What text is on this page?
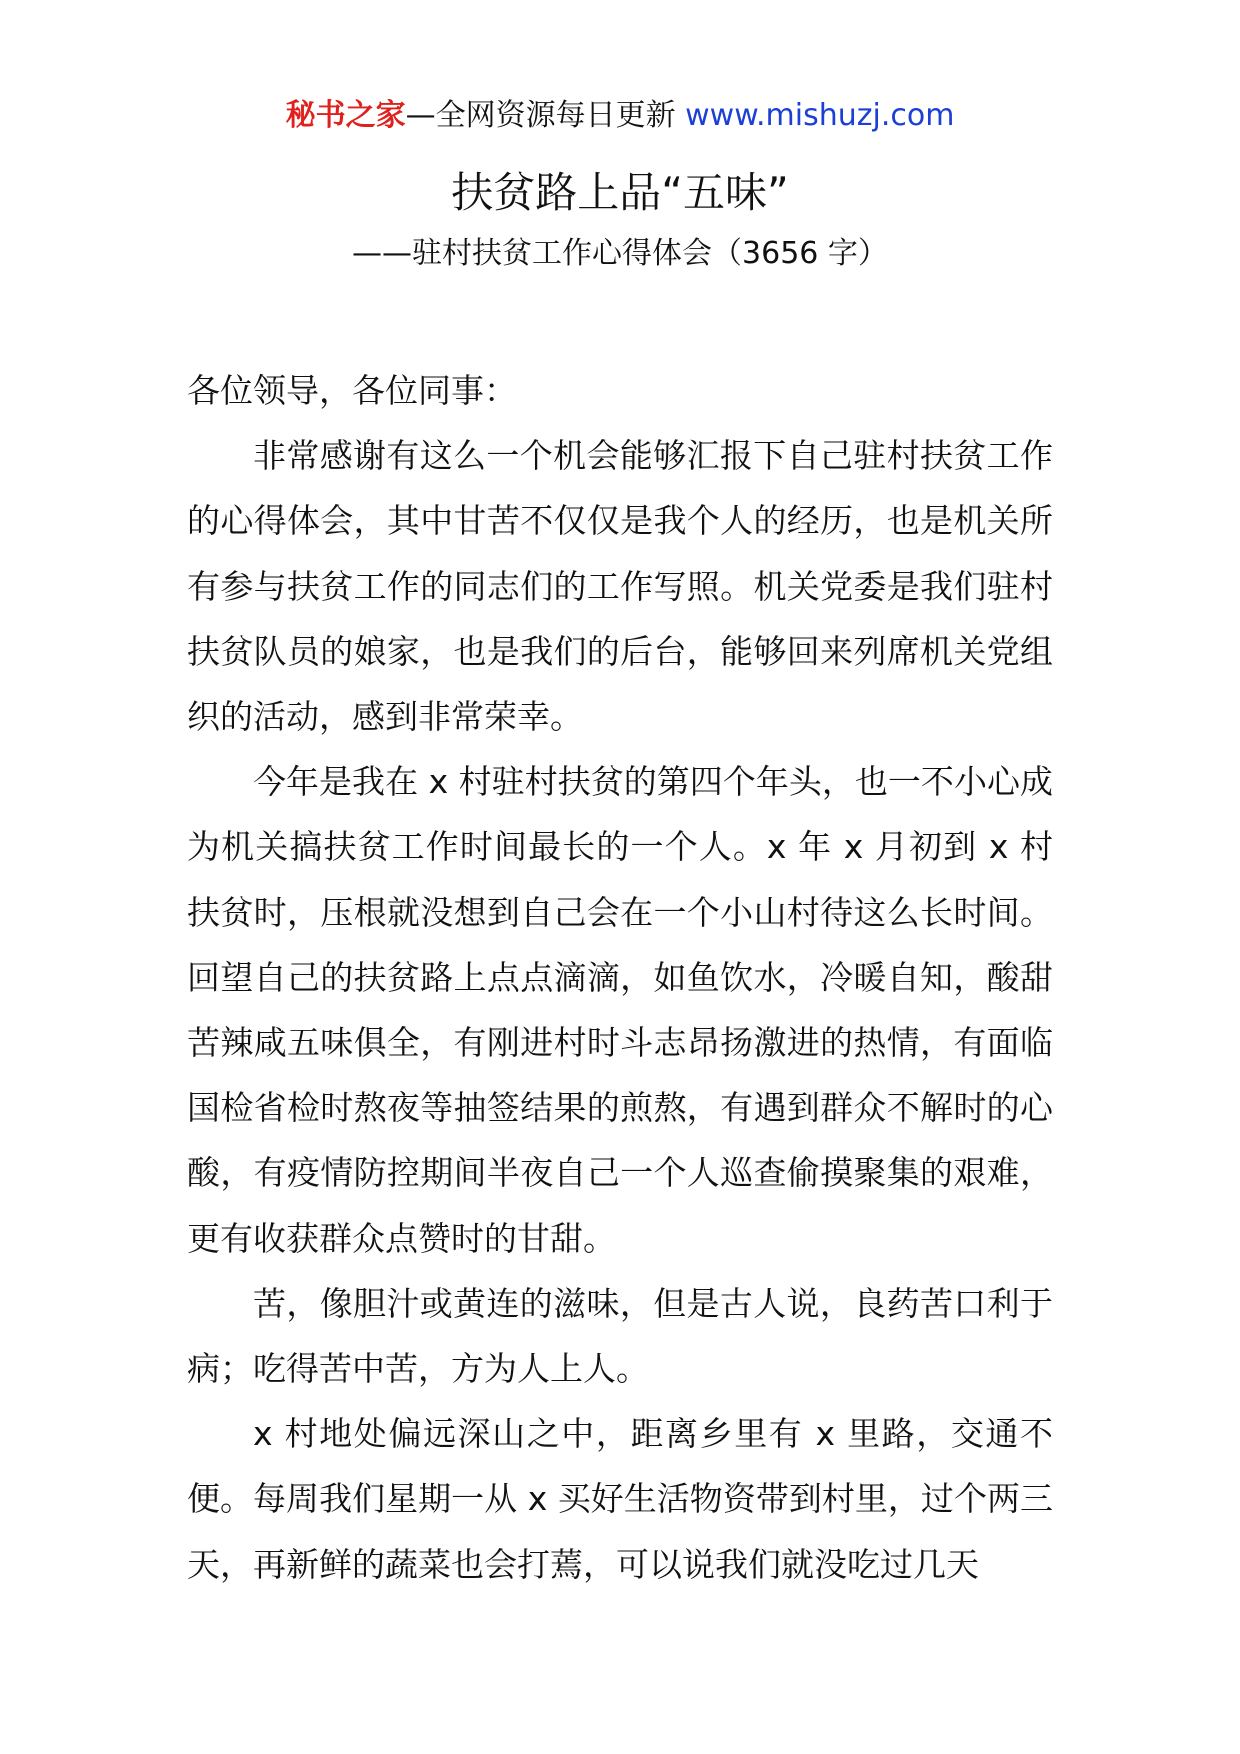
秘书之家—全网资源每日更新 www.mishuzj.com
扶贫路上品“五味”
——驻村扶贫工作心得体会（3656 字）

各位领导，各位同事：

非常感谢有这么一个机会能够汇报下自己驻村扶贫工作的心得体会，其中甘苦不仅仅是我个人的经历，也是机关所有参与扶贫工作的同志们的工作写照。机关党委是我们驻村扶贫队员的娘家，也是我们的后台，能够回来列席机关党组织的活动，感到非常荣幸。

今年是我在 x 村驻村扶贫的第四个年头，也一不小心成为机关搞扶贫工作时间最长的一个人。x 年 x 月初到 x 村扶贫时，压根就没想到自己会在一个小山村待这么长时间。回望自己的扶贫路上点点滴滴，如鱼饮水，冷暖自知，酸甜苦辣咸五味俱全，有刚进村时斗志昂扬激进的热情，有面临国检省检时熬夜等抽签结果的煎熬，有遇到群众不解时的心酸，有疫情防控期间半夜自己一个人巡查偷摸聚集的艰难，更有收获群众点赞时的甘甜。

苦，像胆汁或黄连的滋味，但是古人说，良药苦口利于病；吃得苦中苦，方为人上人。

x 村地处偏远深山之中，距离乡里有 x 里路，交通不便。每周我们星期一从 x 买好生活物资带到村里，过个两三天，再新鲜的蔬菜也会打蔫，可以说我们就没吃过几天
